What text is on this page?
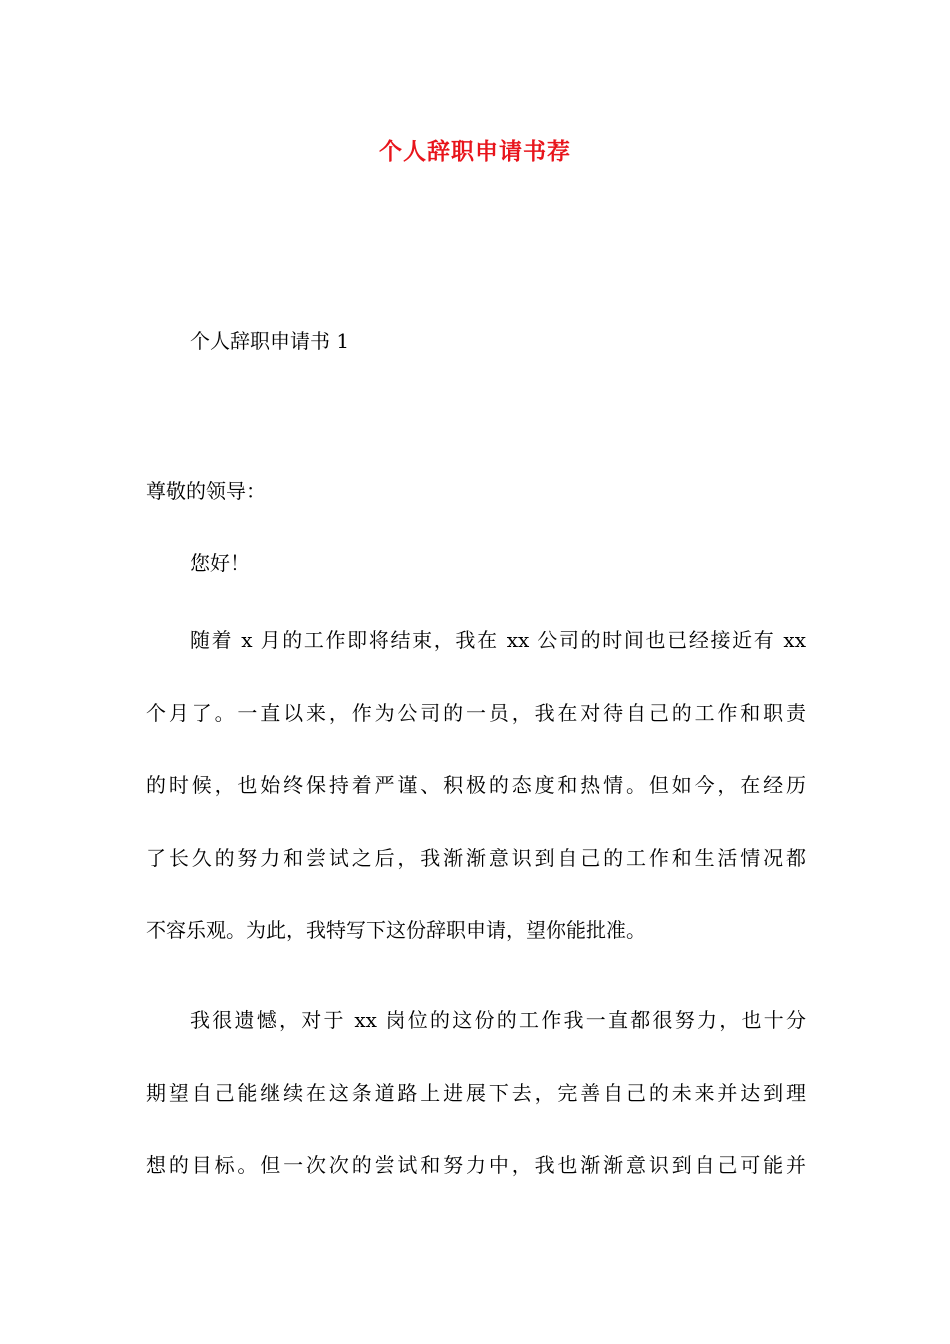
个人辞职申请书荐

个人辞职申请书 1

尊敬的领导：

您好！

随着 x 月的工作即将结束，我在 xx 公司的时间也已经接近有 xx
个月了。一直以来，作为公司的一员，我在对待自己的工作和职责
的时候，也始终保持着严谨、积极的态度和热情。但如今，在经历
了长久的努力和尝试之后，我渐渐意识到自己的工作和生活情况都
不容乐观。为此，我特写下这份辞职申请，望你能批准。
我很遗憾，对于 xx 岗位的这份的工作我一直都很努力，也十分
期望自己能继续在这条道路上进展下去，完善自己的未来并达到理
想的目标。但一次次的尝试和努力中，我也渐渐意识到自己可能并
